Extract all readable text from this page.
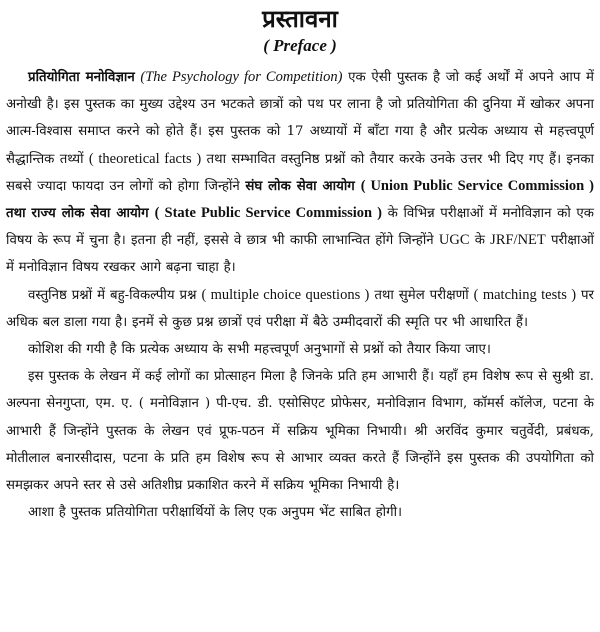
प्रस्तावना
( Preface )

प्रतियोगिता मनोविज्ञान (The Psychology for Competition) एक ऐसी पुस्तक है जो कई अर्थों में अपने आप में अनोखी है। इस पुस्तक का मुख्य उद्देश्य उन भटकते छात्रों को पथ पर लाना है जो प्रतियोगिता की दुनिया में खोकर अपना आत्म-विश्वास समाप्त करने को होते हैं। इस पुस्तक को 17 अध्यायों में बाँटा गया है और प्रत्येक अध्याय से महत्त्वपूर्ण सैद्धान्तिक तथ्यों ( theoretical facts ) तथा सम्भावित वस्तुनिष्ठ प्रश्नों को तैयार करके उनके उत्तर भी दिए गए हैं। इनका सबसे ज्यादा फायदा उन लोगों को होगा जिन्होंने संघ लोक सेवा आयोग ( Union Public Service Commission ) तथा राज्य लोक सेवा आयोग ( State Public Service Commission ) के विभिन्न परीक्षाओं में मनोविज्ञान को एक विषय के रूप में चुना है। इतना ही नहीं, इससे वे छात्र भी काफी लाभान्वित होंगे जिन्होंने UGC के JRF/NET परीक्षाओं में मनोविज्ञान विषय रखकर आगे बढ़ना चाहा है।

वस्तुनिष्ठ प्रश्नों में बहु-विकल्पीय प्रश्न ( multiple choice questions ) तथा सुमेल परीक्षणों ( matching tests ) पर अधिक बल डाला गया है। इनमें से कुछ प्रश्न छात्रों एवं परीक्षा में बैठे उम्मीदवारों की स्मृति पर भी आधारित हैं।

कोशिश की गयी है कि प्रत्येक अध्याय के सभी महत्त्वपूर्ण अनुभागों से प्रश्नों को तैयार किया जाए।

इस पुस्तक के लेखन में कई लोगों का प्रोत्साहन मिला है जिनके प्रति हम आभारी हैं। यहाँ हम विशेष रूप से सुश्री डा. अल्पना सेनगुप्ता, एम. ए. ( मनोविज्ञान ) पी-एच. डी. एसोसिएट प्रोफेसर, मनोविज्ञान विभाग, कॉमर्स कॉलेज, पटना के आभारी हैं जिन्होंने पुस्तक के लेखन एवं प्रूफ-पठन में सक्रिय भूमिका निभायी। श्री अरविंद कुमार चतुर्वेदी, प्रबंधक, मोतीलाल बनारसीदास, पटना के प्रति हम विशेष रूप से आभार व्यक्त करते हैं जिन्होंने इस पुस्तक की उपयोगिता को समझकर अपने स्तर से उसे अतिशीघ्र प्रकाशित करने में सक्रिय भूमिका निभायी है।

आशा है पुस्तक प्रतियोगिता परीक्षार्थियों के लिए एक अनुपम भेंट साबित होगी।
